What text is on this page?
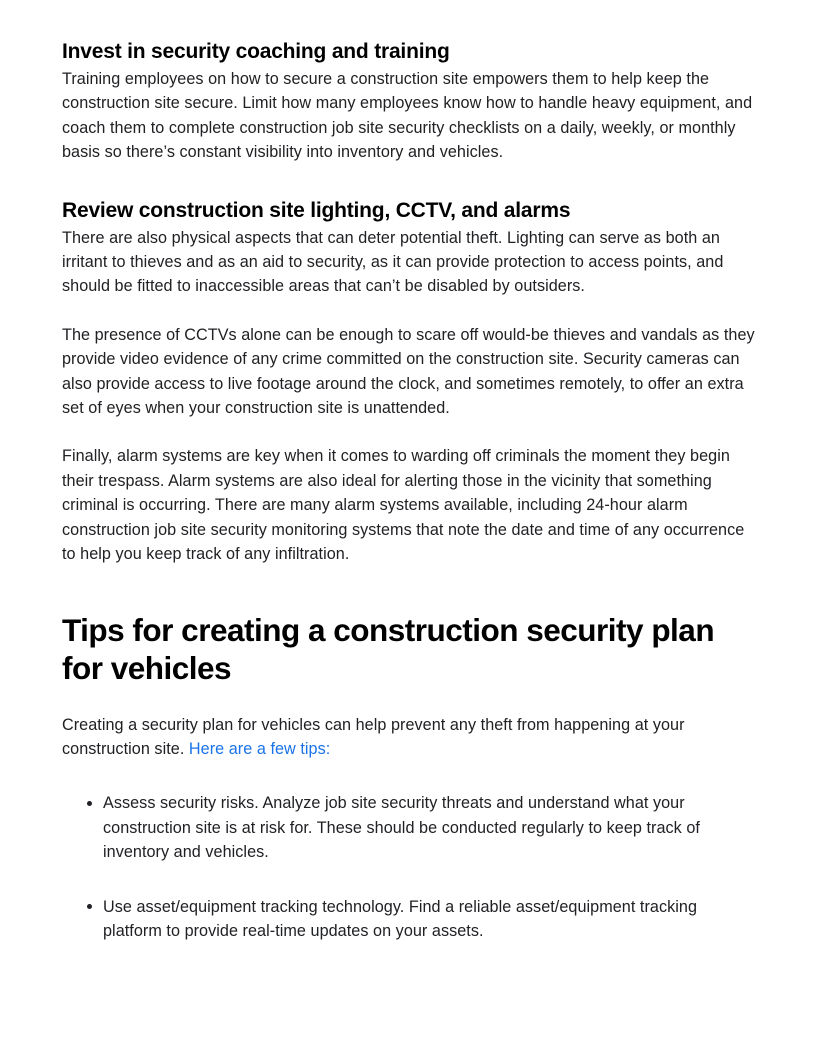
Invest in security coaching and training

Training employees on how to secure a construction site empowers them to help keep the construction site secure. Limit how many employees know how to handle heavy equipment, and coach them to complete construction job site security checklists on a daily, weekly, or monthly basis so there’s constant visibility into inventory and vehicles.

Review construction site lighting, CCTV, and alarms

There are also physical aspects that can deter potential theft. Lighting can serve as both an irritant to thieves and as an aid to security, as it can provide protection to access points, and should be fitted to inaccessible areas that can’t be disabled by outsiders.

The presence of CCTVs alone can be enough to scare off would-be thieves and vandals as they provide video evidence of any crime committed on the construction site. Security cameras can also provide access to live footage around the clock, and sometimes remotely, to offer an extra set of eyes when your construction site is unattended.

Finally, alarm systems are key when it comes to warding off criminals the moment they begin their trespass. Alarm systems are also ideal for alerting those in the vicinity that something criminal is occurring. There are many alarm systems available, including 24-hour alarm construction job site security monitoring systems that note the date and time of any occurrence to help you keep track of any infiltration.

Tips for creating a construction security plan for vehicles

Creating a security plan for vehicles can help prevent any theft from happening at your construction site. Here are a few tips:

Assess security risks. Analyze job site security threats and understand what your construction site is at risk for. These should be conducted regularly to keep track of inventory and vehicles.
Use asset/equipment tracking technology. Find a reliable asset/equipment tracking platform to provide real-time updates on your assets.
